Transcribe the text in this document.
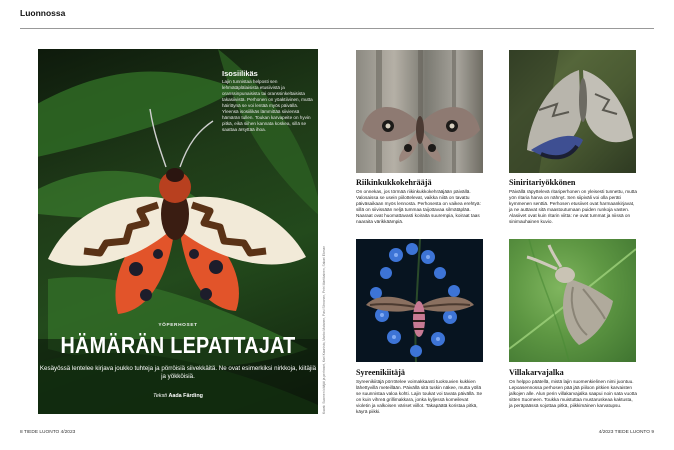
Luonnossa
Isosiilikäs

Lajin tunnistaa helposti sen lehmätäplälaisista etusiivistä ja oranssinpunaisista tai oranssinkeltaisista takasiivistä. Perhonen on yöaktiivinen, mutta häirittynä se voi lentää myös päivällä. Yleensä isosiilikäs lämmittää siiviensä hämärän tullen. Toukan karvapeite on hyvin pitkä, eikä siihen kannata koskea, sillä se saattaa ärsyttää ihoa.

YÖPERHOSET
HÄMÄRÄN LEPATTAJAT

Kesäyössä lentelee kirjava joukko tuhteja ja pörröisiä siivekkäitä. Ne ovat esimerkiksi nirkkoja, kiitäjiä ja yökköisiä.

Teksti Aada Färding	Kuvat: Suomen kiitäjät ja perhoset, Kari Kaunisto, Marko Mutanen, Pasi Sihvonen, Petri Martikainen, Sakari Ekman
Riikinkukkokehrääjä

On onnekas, jos törmää riikinkukkokehrääjään päivällä. Valosaissa se usein piilottelevat, vaikka niitä on tavattu päiväsaikaan myös lennosta. Perhosesta on vaikea erehtyä: sillä on siivissään neljä tummaa taijottavaa silmätäplää. Naaraat ovat huomattavasti koiraita suurempia, koiraat taas naaraita värikkäämpiä.

Siniritariyökkönen

Päivällä räpyttelevä ritariperhonen on yleisesti tunnettu, mutta yön ritaria harva on nähnyt. Sen siipiväli voi olla peräti kymmenen senttiä. Perhosen etusiivet ovat harmaankirjavat, ja ne auttavat sitä maastoutumaan puiden runkoja vasten. Alasiivet ovat kuin ritarin viitta: ne ovat tummat ja niissä on sinimauhainen kuvio.

Syreenikiitäjä

Syreenikiitäjä pörrötelee voimakkaasti tuoksuvien kukkien lähettyvillä meteillään. Päivällä sitä tuskin näkee, mutta yöllä se suunnistaa valoa kohti. Lajin toukat voi tavata päivällä. Se on kuin vihreä grillimakkara, jonka kyljessä komeilevat violetin ja valkoisen väriset viillot. Takapäätä koristaa pitkä, käyrä piikki.

Villakarvajalka

On helppo päätellä, mistä lajin suomenkielinen nimi juontuu. Lepoasennossa perhosen pää jää piiloon pitkien karvaisten jalkojen alle. Alun perin villakarvajalka saapui noin sata vuotta sitten Suomeen. Toukka muistuttaa mustaruskeaa kaktusta, ja peräpäässä sojottaa pitkä, piikkimäinen karvatupsu.

8 TIEDE LUONTO 4/2023	4/2023 TIEDE LUONTO 9
